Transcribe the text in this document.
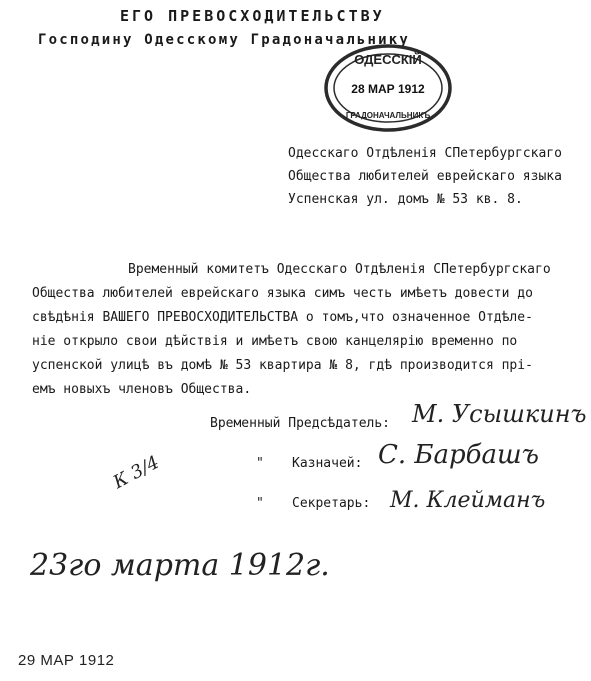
ЕГО ПРЕВОСХОДИТЕЛЬСТВУ
Господину Одесскому Градоначальнику
ОДЕССКІЙ
28 МАР 1912
ГРАДОНАЧАЛЬНИКЪ
Одесскаго Отдѣленія СПетербургскаго
Общества любителей еврейскаго языка
Успенская ул. домъ № 53 кв. 8.
Временный комитетъ Одесскаго Отдѣленія СПетербургскаго
Общества любителей еврейскаго языка симъ честь имѣетъ довести до
свѣдѣнія ВАШЕГО ПРЕВОСХОДИТЕЛЬСТВА о томъ,что означенное Отдѣле-
ніе открыло свои дѣйствія и имѣетъ свою канцелярію временно по
успенской улицѣ въ домѣ № 53 квартира № 8, гдѣ производится прі-
емъ новыхъ членовъ Общества.
Временный Предсѣдатель: М. Усышкинъ
" Казначей: С. Барбашъ
" Секретарь: М. Клейманъ
К 3/4
23го марта 1912г.
29 МАР 1912
